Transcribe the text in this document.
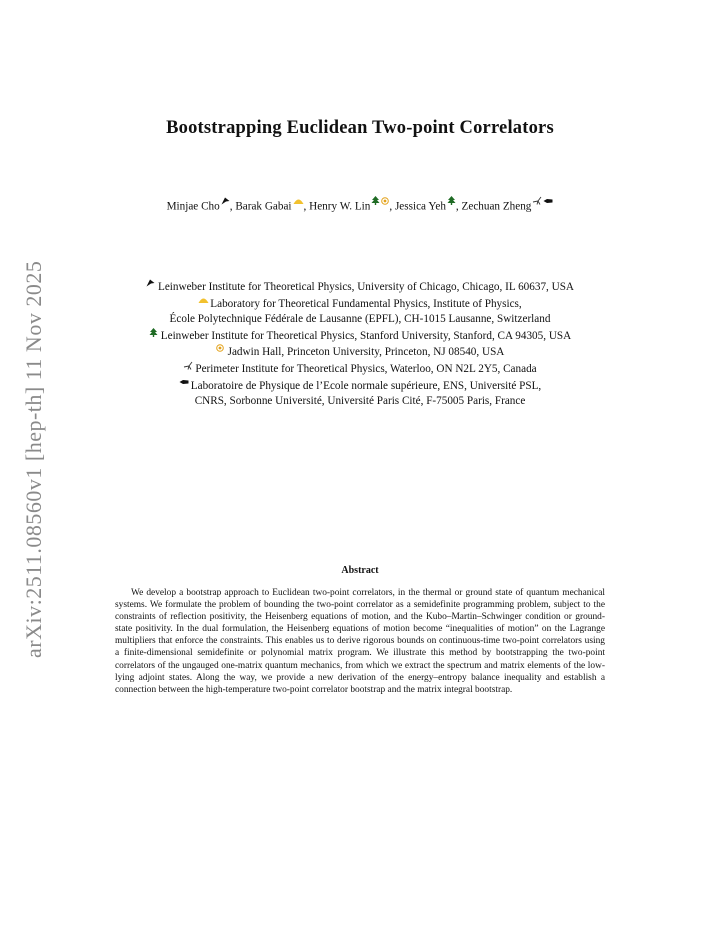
arXiv:2511.08560v1 [hep-th] 11 Nov 2025
Bootstrapping Euclidean Two-point Correlators
Minjae Cho , Barak Gabai , Henry W. Lin , Jessica Yeh , Zechuan Zheng
Leinweber Institute for Theoretical Physics, University of Chicago, Chicago, IL 60637, USA
Laboratory for Theoretical Fundamental Physics, Institute of Physics,
École Polytechnique Fédérale de Lausanne (EPFL), CH-1015 Lausanne, Switzerland
Leinweber Institute for Theoretical Physics, Stanford University, Stanford, CA 94305, USA
Jadwin Hall, Princeton University, Princeton, NJ 08540, USA
Perimeter Institute for Theoretical Physics, Waterloo, ON N2L 2Y5, Canada
Laboratoire de Physique de l’Ecole normale supérieure, ENS, Université PSL,
CNRS, Sorbonne Université, Université Paris Cité, F-75005 Paris, France
Abstract
We develop a bootstrap approach to Euclidean two-point correlators, in the thermal or ground state of quantum mechanical systems. We formulate the problem of bounding the two-point correlator as a semidefinite programming problem, subject to the constraints of reflection positivity, the Heisenberg equations of motion, and the Kubo–Martin–Schwinger condition or ground-state positivity. In the dual formulation, the Heisenberg equations of motion become “inequalities of motion” on the Lagrange multipliers that enforce the constraints. This enables us to derive rigorous bounds on continuous-time two-point correlators using a finite-dimensional semidefinite or polynomial matrix program. We illustrate this method by bootstrapping the two-point correlators of the ungauged one-matrix quantum mechanics, from which we extract the spectrum and matrix elements of the low-lying adjoint states. Along the way, we provide a new derivation of the energy–entropy balance inequality and establish a connection between the high-temperature two-point correlator bootstrap and the matrix integral bootstrap.
